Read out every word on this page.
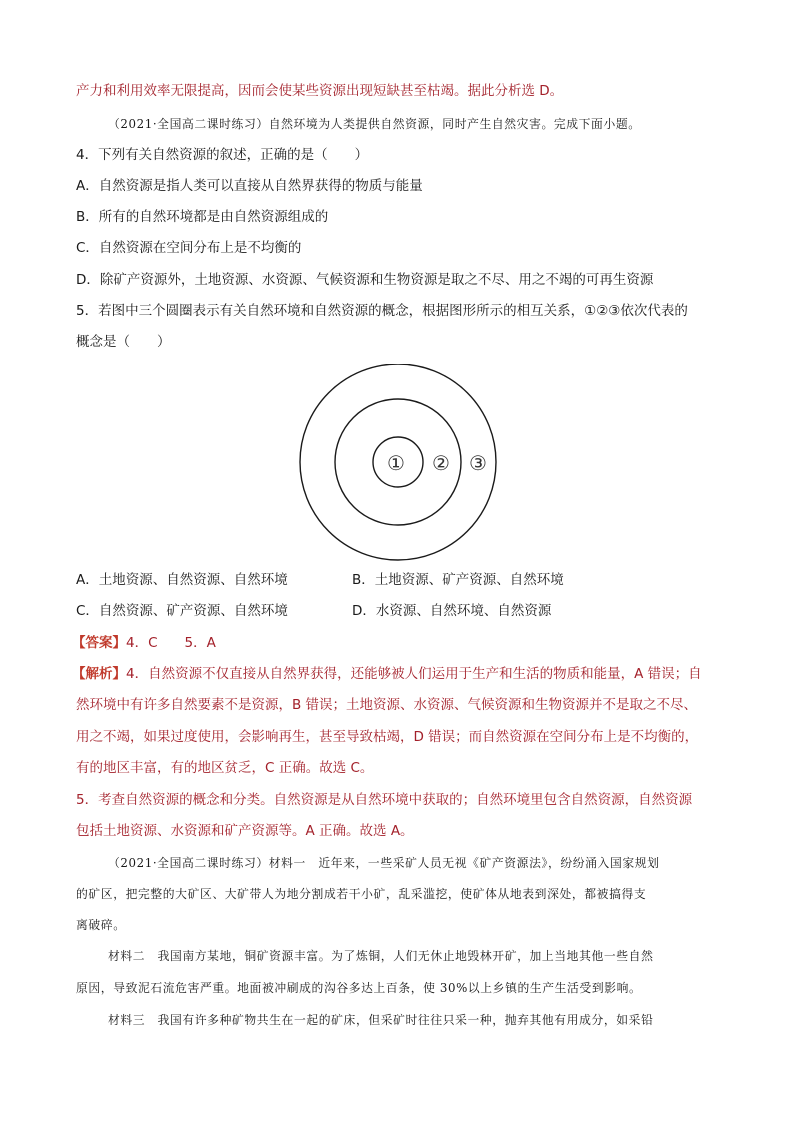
产力和利用效率无限提高，因而会使某些资源出现短缺甚至枯竭。据此分析选 D。
（2021·全国高二课时练习）自然环境为人类提供自然资源，同时产生自然灾害。完成下面小题。
4．下列有关自然资源的叙述，正确的是（　　）
A．自然资源是指人类可以直接从自然界获得的物质与能量
B．所有的自然环境都是由自然资源组成的
C．自然资源在空间分布上是不均衡的
D．除矿产资源外，土地资源、水资源、气候资源和生物资源是取之不尽、用之不竭的可再生资源
5．若图中三个圆圈表示有关自然环境和自然资源的概念，根据图形所示的相互关系，①②③依次代表的
概念是（　　）
① ② ③
A．土地资源、自然资源、自然环境	B．土地资源、矿产资源、自然环境
C．自然资源、矿产资源、自然环境	D．水资源、自然环境、自然资源
【答案】4．C　　5．A
【解析】4．自然资源不仅直接从自然界获得，还能够被人们运用于生产和生活的物质和能量，A 错误；自
然环境中有许多自然要素不是资源，B 错误；土地资源、水资源、气候资源和生物资源并不是取之不尽、
用之不竭，如果过度使用，会影响再生，甚至导致枯竭，D 错误；而自然资源在空间分布上是不均衡的，
有的地区丰富，有的地区贫乏，C 正确。故选 C。
5．考查自然资源的概念和分类。自然资源是从自然环境中获取的；自然环境里包含自然资源，自然资源
包括土地资源、水资源和矿产资源等。A 正确。故选 A。
（2021·全国高二课时练习）材料一　近年来，一些采矿人员无视《矿产资源法》，纷纷涌入国家规划
的矿区，把完整的大矿区、大矿带人为地分割成若干小矿，乱采滥挖，使矿体从地表到深处，都被搞得支
离破碎。
材料二　我国南方某地，铜矿资源丰富。为了炼铜，人们无休止地毁林开矿，加上当地其他一些自然
原因，导致泥石流危害严重。地面被冲刷成的沟谷多达上百条，使 30%以上乡镇的生产生活受到影响。
材料三　我国有许多种矿物共生在一起的矿床，但采矿时往往只采一种，抛弃其他有用成分，如采铅
